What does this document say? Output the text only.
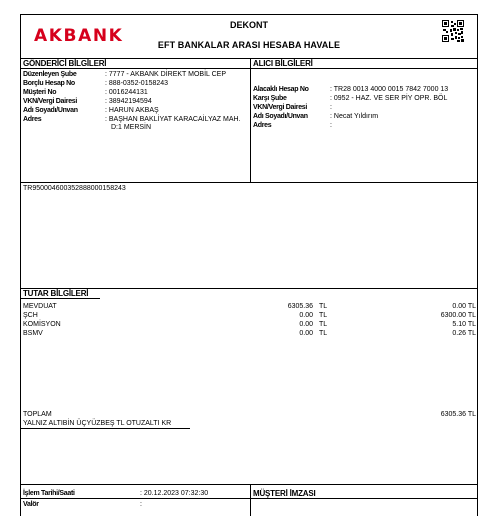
AKBANK
DEKONT
EFT BANKALAR ARASI HESABA HAVALE
GÖNDERİCİ BİLGİLERİ
Düzenleyen Şube	: 7777 - AKBANK DİREKT MOBİL CEP
Borçlu Hesap No	: 888-0352-0158243
Müşteri No	: 0016244131
VKN/Vergi Dairesi	: 38942194594
Adı Soyadı/Unvan	: HARUN AKBAŞ
Adres	: BAŞHAN BAKLİYAT KARACAİLYAZ MAH.
D:1 MERSİN
ALICI BİLGİLERİ
Alacaklı Hesap No	: TR28 0013 4000 0015 7842 7000 13
Karşı Şube	: 0952 - HAZ. VE SER PİY OPR. BÖL
VKN/Vergi Dairesi	:
Adı Soyadı/Unvan	: Necat Yıldırım
Adres	:
TR950004600352888000158243
TUTAR BİLGİLERİ
MEVDUAT	6305.36 TL	0.00 TL
ŞCH	0.00 TL	6300.00 TL
KOMİSYON	0.00 TL	5.10 TL
BSMV	0.00 TL	0.26 TL
TOPLAM	6305.36 TL
YALNIZ ALTIBİN ÜÇYÜZBEŞ TL OTUZALTI KR
İşlem Tarihi/Saati	: 20.12.2023 07:32:30
Valör	:
MÜŞTERİ İMZASI
